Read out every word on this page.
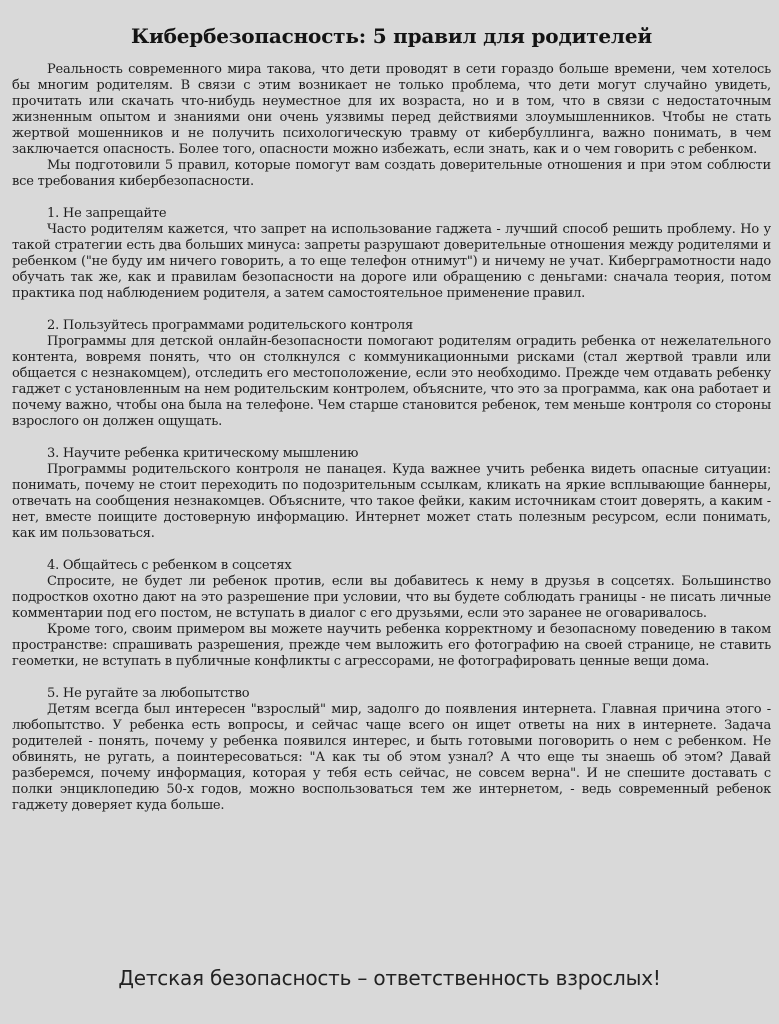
Кибербезопасность: 5 правил для родителей

Реальность современного мира такова, что дети проводят в сети гораздо больше времени, чем хотелось бы многим родителям. В связи с этим возникает не только проблема, что дети могут случайно увидеть, прочитать или скачать что-нибудь неуместное для их возраста, но и в том, что в связи с недостаточным жизненным опытом и знаниями они очень уязвимы перед действиями злоумышленников. Чтобы не стать жертвой мошенников и не получить психологическую травму от кибербуллинга, важно понимать, в чем заключается опасность. Более того, опасности можно избежать, если знать, как и о чем говорить с ребенком.

Мы подготовили 5 правил, которые помогут вам создать доверительные отношения и при этом соблюсти все требования кибербезопасности.

1. Не запрещайте

Часто родителям кажется, что запрет на использование гаджета - лучший способ решить проблему. Но у такой стратегии есть два больших минуса: запреты разрушают доверительные отношения между родителями и ребенком ("не буду им ничего говорить, а то еще телефон отнимут") и ничему не учат. Киберграмотности надо обучать так же, как и правилам безопасности на дороге или обращению с деньгами: сначала теория, потом практика под наблюдением родителя, а затем самостоятельное применение правил.

2. Пользуйтесь программами родительского контроля

Программы для детской онлайн-безопасности помогают родителям оградить ребенка от нежелательного контента, вовремя понять, что он столкнулся с коммуникационными рисками (стал жертвой травли или общается с незнакомцем), отследить его местоположение, если это необходимо. Прежде чем отдавать ребенку гаджет с установленным на нем родительским контролем, объясните, что это за программа, как она работает и почему важно, чтобы она была на телефоне. Чем старше становится ребенок, тем меньше контроля со стороны взрослого он должен ощущать.

3. Научите ребенка критическому мышлению

Программы родительского контроля не панацея. Куда важнее учить ребенка видеть опасные ситуации: понимать, почему не стоит переходить по подозрительным ссылкам, кликать на яркие всплывающие баннеры, отвечать на сообщения незнакомцев. Объясните, что такое фейки, каким источникам стоит доверять, а каким - нет, вместе поищите достоверную информацию. Интернет может стать полезным ресурсом, если понимать, как им пользоваться.

4. Общайтесь с ребенком в соцсетях

Спросите, не будет ли ребенок против, если вы добавитесь к нему в друзья в соцсетях. Большинство подростков охотно дают на это разрешение при условии, что вы будете соблюдать границы - не писать личные комментарии под его постом, не вступать в диалог с его друзьями, если это заранее не оговаривалось.

Кроме того, своим примером вы можете научить ребенка корректному и безопасному поведению в таком пространстве: спрашивать разрешения, прежде чем выложить его фотографию на своей странице, не ставить геометки, не вступать в публичные конфликты с агрессорами, не фотографировать ценные вещи дома.

5. Не ругайте за любопытство

Детям всегда был интересен "взрослый" мир, задолго до появления интернета. Главная причина этого - любопытство. У ребенка есть вопросы, и сейчас чаще всего он ищет ответы на них в интернете. Задача родителей - понять, почему у ребенка появился интерес, и быть готовыми поговорить о нем с ребенком. Не обвинять, не ругать, а поинтересоваться: "А как ты об этом узнал? А что еще ты знаешь об этом? Давай разберемся, почему информация, которая у тебя есть сейчас, не совсем верна". И не спешите доставать с полки энциклопедию 50-х годов, можно воспользоваться тем же интернетом, - ведь современный ребенок гаджету доверяет куда больше.

Детская безопасность – ответственность взрослых!
